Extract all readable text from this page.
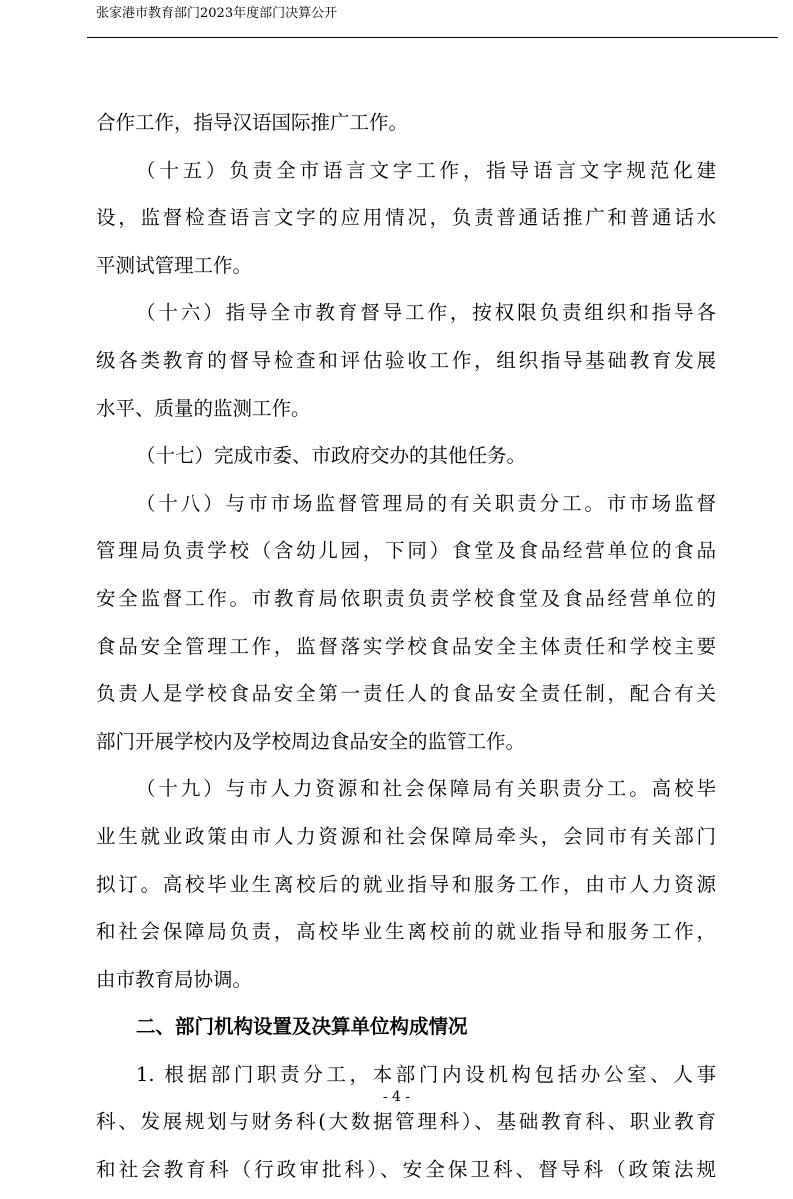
张家港市教育部门2023年度部门决算公开
合作工作，指导汉语国际推广工作。
（十五）负责全市语言文字工作，指导语言文字规范化建
设，监督检查语言文字的应用情况，负责普通话推广和普通话水
平测试管理工作。
（十六）指导全市教育督导工作，按权限负责组织和指导各
级各类教育的督导检查和评估验收工作，组织指导基础教育发展
水平、质量的监测工作。
（十七）完成市委、市政府交办的其他任务。
（十八）与市市场监督管理局的有关职责分工。市市场监督
管理局负责学校（含幼儿园，下同）食堂及食品经营单位的食品
安全监督工作。市教育局依职责负责学校食堂及食品经营单位的
食品安全管理工作，监督落实学校食品安全主体责任和学校主要
负责人是学校食品安全第一责任人的食品安全责任制，配合有关
部门开展学校内及学校周边食品安全的监管工作。
（十九）与市人力资源和社会保障局有关职责分工。高校毕
业生就业政策由市人力资源和社会保障局牵头，会同市有关部门
拟订。高校毕业生离校后的就业指导和服务工作，由市人力资源
和社会保障局负责，高校毕业生离校前的就业指导和服务工作，
由市教育局协调。
二、部门机构设置及决算单位构成情况
1. 根据部门职责分工，本部门内设机构包括办公室、人事
科、发展规划与财务科(大数据管理科）、基础教育科、职业教育
和社会教育科（行政审批科）、安全保卫科、督导科（政策法规
- 4 -
